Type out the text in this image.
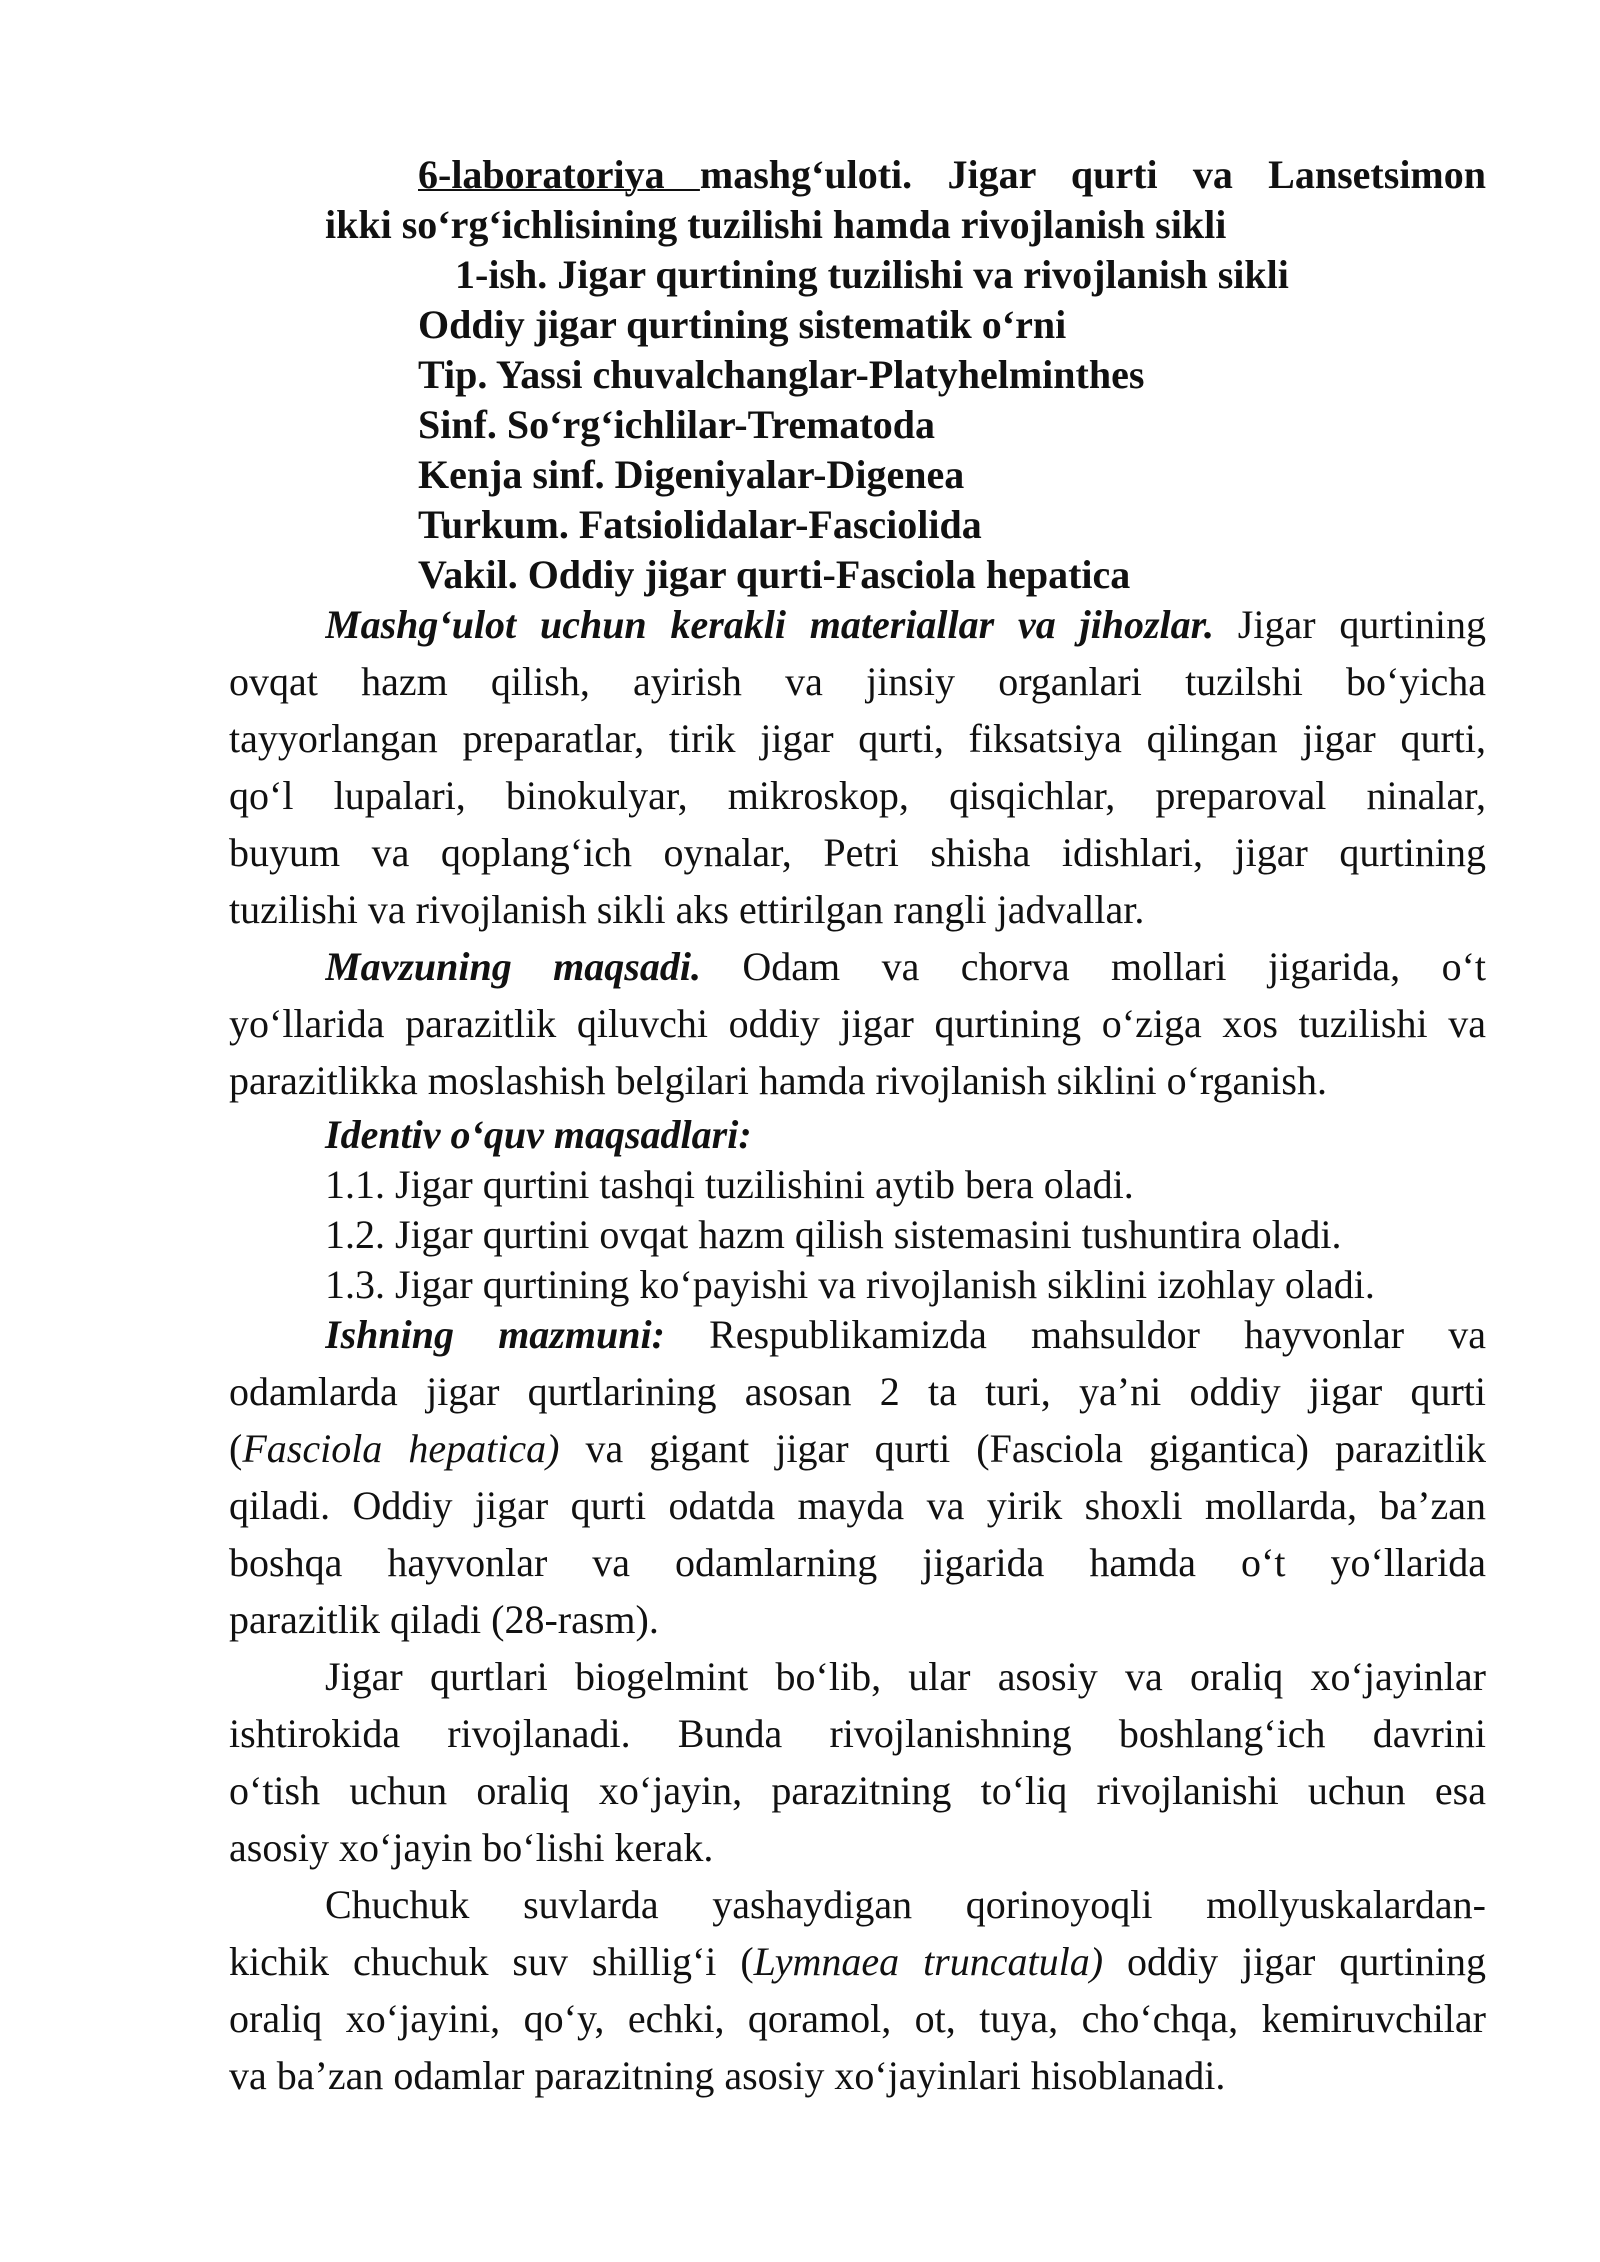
6-laboratoriya mashg‘uloti. Jigar qurti va Lansetsimon
ikki so‘rg‘ichlisining tuzilishi hamda rivojlanish sikli
1-ish. Jigar qurtining tuzilishi va rivojlanish sikli
Oddiy jigar qurtining sistematik o‘rni
Tip. Yassi chuvalchanglar-Platyhelminthes
Sinf. So‘rg‘ichlilar-Trematoda
Kenja sinf. Digeniyalar-Digenea
Turkum. Fatsiolidalar-Fasciolida
Vakil. Oddiy jigar qurti-Fasciola hepatica
Mashg‘ulot uchun kerakli materiallar va jihozlar. Jigar qurtining
ovqat hazm qilish, ayirish va jinsiy organlari tuzilshi bo‘yicha
tayyorlangan preparatlar, tirik jigar qurti, fiksatsiya qilingan jigar qurti,
qo‘l lupalari, binokulyar, mikroskop, qisqichlar, preparoval ninalar,
buyum va qoplang‘ich oynalar, Petri shisha idishlari, jigar qurtining
tuzilishi va rivojlanish sikli aks ettirilgan rangli jadvallar.
Mavzuning maqsadi. Odam va chorva mollari jigarida, o‘t
yo‘llarida parazitlik qiluvchi oddiy jigar qurtining o‘ziga xos tuzilishi va
parazitlikka moslashish belgilari hamda rivojlanish siklini o‘rganish.
Identiv o‘quv maqsadlari:
1.1. Jigar qurtini tashqi tuzilishini aytib bera oladi.
1.2. Jigar qurtini ovqat hazm qilish sistemasini tushuntira oladi.
1.3. Jigar qurtining ko‘payishi va rivojlanish siklini izohlay oladi.
Ishning mazmuni: Respublikamizda mahsuldor hayvonlar va
odamlarda jigar qurtlarining asosan 2 ta turi, ya’ni oddiy jigar qurti
(Fasciola hepatica) va gigant jigar qurti (Fasciola gigantica) parazitlik
qiladi. Oddiy jigar qurti odatda mayda va yirik shoxli mollarda, ba’zan
boshqa hayvonlar va odamlarning jigarida hamda o‘t yo‘llarida
parazitlik qiladi (28-rasm).
Jigar qurtlari biogelmint bo‘lib, ular asosiy va oraliq xo‘jayinlar
ishtirokida rivojlanadi. Bunda rivojlanishning boshlang‘ich davrini
o‘tish uchun oraliq xo‘jayin, parazitning to‘liq rivojlanishi uchun esa
asosiy xo‘jayin bo‘lishi kerak.
Chuchuk suvlarda yashaydigan qorinoyoqli mollyuskalardan-
kichik chuchuk suv shillig‘i (Lymnaea truncatula) oddiy jigar qurtining
oraliq xo‘jayini, qo‘y, echki, qoramol, ot, tuya, cho‘chqa, kemiruvchilar
va ba’zan odamlar parazitning asosiy xo‘jayinlari hisoblanadi.
